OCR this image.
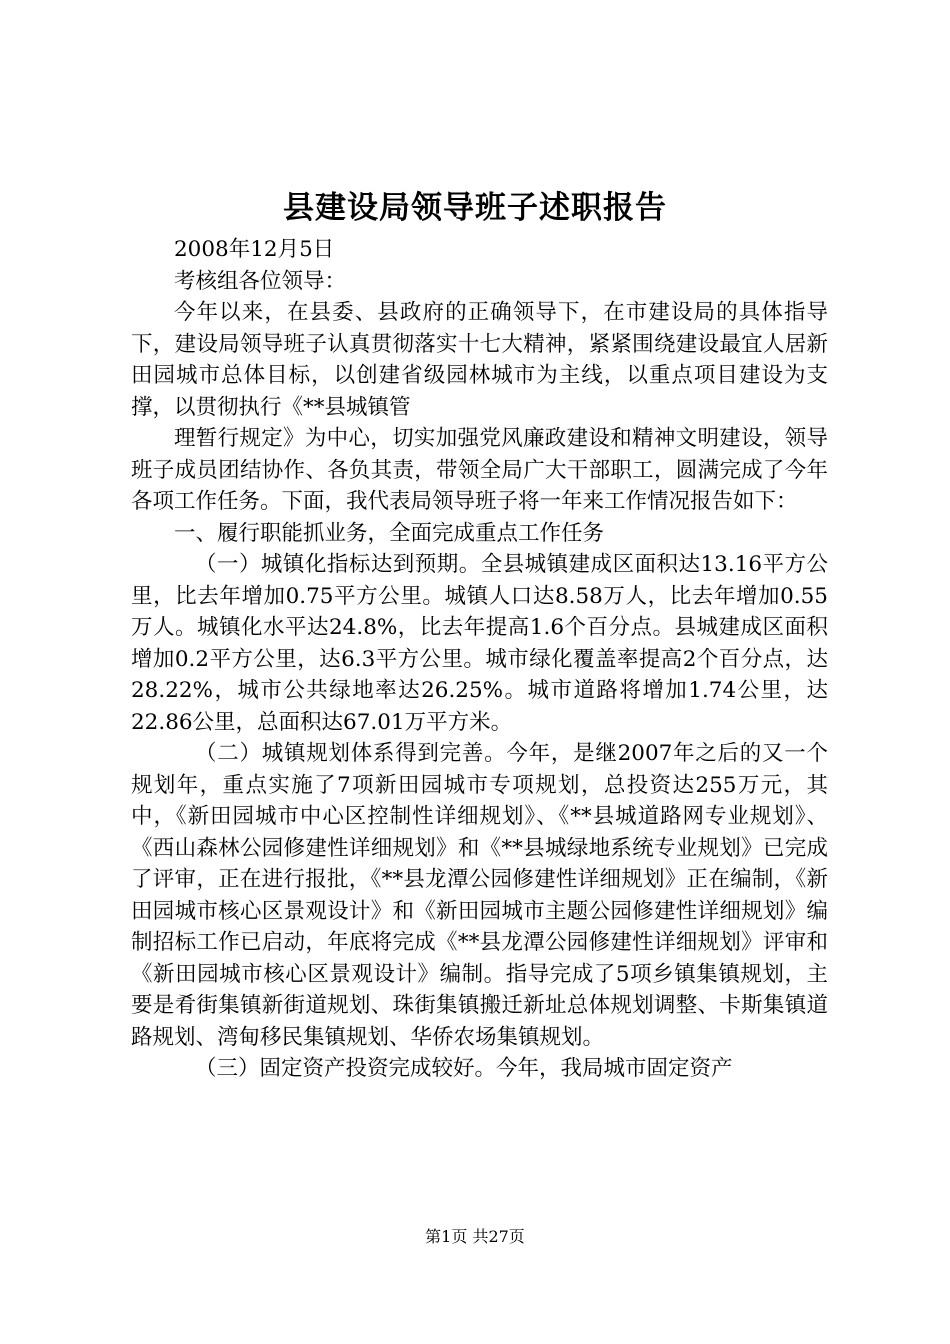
县建设局领导班子述职报告

2008年12月5日

考核组各位领导：

今年以来，在县委、县政府的正确领导下，在市建设局的具体指导下，建设局领导班子认真贯彻落实十七大精神，紧紧围绕建设最宜人居新田园城市总体目标，以创建省级园林城市为主线，以重点项目建设为支撑，以贯彻执行《**县城镇管

理暂行规定》为中心，切实加强党风廉政建设和精神文明建设，领导班子成员团结协作、各负其责，带领全局广大干部职工，圆满完成了今年各项工作任务。下面，我代表局领导班子将一年来工作情况报告如下：

一、履行职能抓业务，全面完成重点工作任务

（一）城镇化指标达到预期。全县城镇建成区面积达13.16平方公里，比去年增加0.75平方公里。城镇人口达8.58万人，比去年增加0.55万人。城镇化水平达24.8%，比去年提高1.6个百分点。县城建成区面积增加0.2平方公里，达6.3平方公里。城市绿化覆盖率提高2个百分点，达28.22%，城市公共绿地率达26.25%。城市道路将增加1.74公里，达22.86公里，总面积达67.01万平方米。

（二）城镇规划体系得到完善。今年，是继2007年之后的又一个规划年，重点实施了7项新田园城市专项规划，总投资达255万元，其中，《新田园城市中心区控制性详细规划》、《**县城道路网专业规划》、《西山森林公园修建性详细规划》和《**县城绿地系统专业规划》已完成了评审，正在进行报批，《**县龙潭公园修建性详细规划》正在编制，《新田园城市核心区景观设计》和《新田园城市主题公园修建性详细规划》编制招标工作已启动，年底将完成《**县龙潭公园修建性详细规划》评审和《新田园城市核心区景观设计》编制。指导完成了5项乡镇集镇规划，主要是肴街集镇新街道规划、珠街集镇搬迁新址总体规划调整、卡斯集镇道路规划、湾甸移民集镇规划、华侨农场集镇规划。

（三）固定资产投资完成较好。今年，我局城市固定资产

第1页 共27页
